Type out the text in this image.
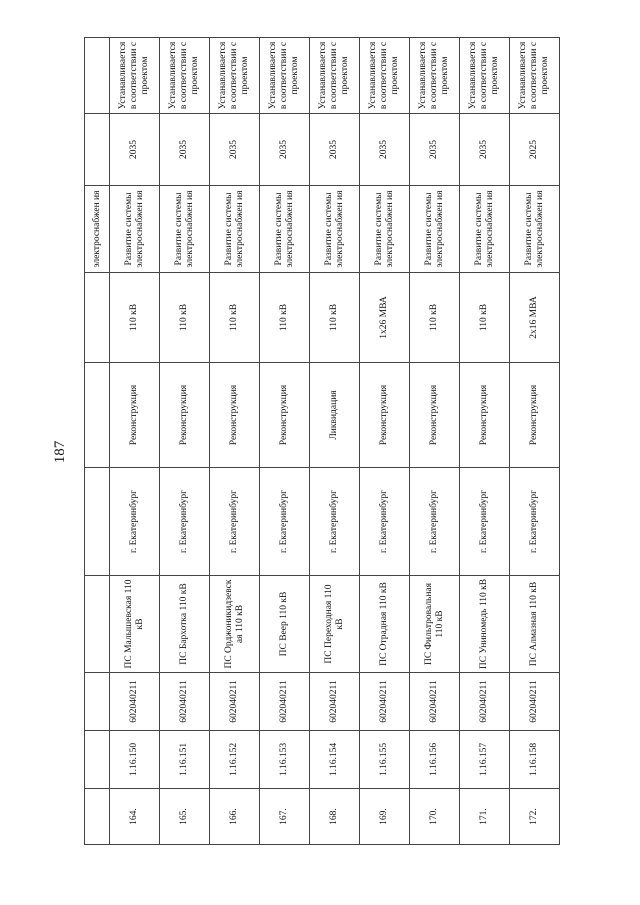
187
							электроснабжен ия		
164.	1.16.150	602040211	ПС Малышевская 110 кВ	г. Екатеринбург	Реконструкция	110 кВ	Развитие системы электроснабжен ия	2035	Устанавливается в соответствии с проектом
165.	1.16.151	602040211	ПС Бархотка 110 кВ	г. Екатеринбург	Реконструкция	110 кВ	Развитие системы электроснабжен ия	2035	Устанавливается в соответствии с проектом
166.	1.16.152	602040211	ПС Орджоникидзевск ая 110 кВ	г. Екатеринбург	Реконструкция	110 кВ	Развитие системы электроснабжен ия	2035	Устанавливается в соответствии с проектом
167.	1.16.153	602040211	ПС Веер 110 кВ	г. Екатеринбург	Реконструкция	110 кВ	Развитие системы электроснабжен ия	2035	Устанавливается в соответствии с проектом
168.	1.16.154	602040211	ПС Переходная 110 кВ	г. Екатеринбург	Ликвидация	110 кВ	Развитие системы электроснабжен ия	2035	Устанавливается в соответствии с проектом
169.	1.16.155	602040211	ПС Отрадная 110 кВ	г. Екатеринбург	Реконструкция	1х26 МВА	Развитие системы электроснабжен ия	2035	Устанавливается в соответствии с проектом
170.	1.16.156	602040211	ПС Фильтровальная 110 кВ	г. Екатеринбург	Реконструкция	110 кВ	Развитие системы электроснабжен ия	2035	Устанавливается в соответствии с проектом
171.	1.16.157	602040211	ПС Униномедь 110 кВ	г. Екатеринбург	Реконструкция	110 кВ	Развитие системы электроснабжен ия	2035	Устанавливается в соответствии с проектом
172.	1.16.158	602040211	ПС Алмазная 110 кВ	г. Екатеринбург	Реконструкция	2х16 МВА	Развитие системы электроснабжен ия	2025	Устанавливается в соответствии с проектом
